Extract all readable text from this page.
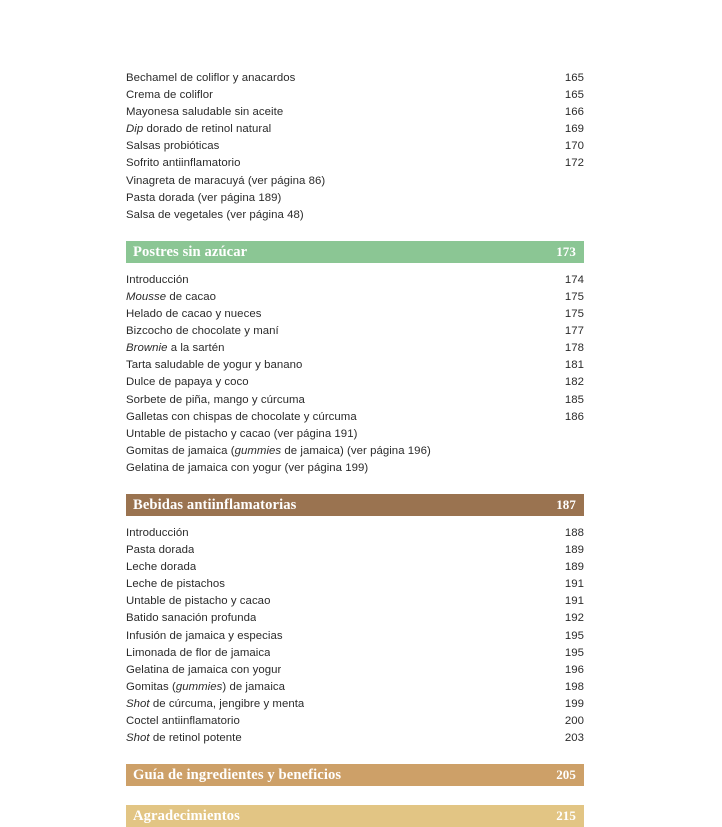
Bechamel de coliflor y anacardos	165
Crema de coliflor	165
Mayonesa saludable sin aceite	166
Dip dorado de retinol natural	169
Salsas probióticas	170
Sofrito antiinflamatorio	172
Vinagreta de maracuyá (ver página 86)
Pasta dorada (ver página 189)
Salsa de vegetales (ver página 48)
Postres sin azúcar	173
Introducción	174
Mousse de cacao	175
Helado de cacao y nueces	175
Bizcocho de chocolate y maní	177
Brownie a la sartén	178
Tarta saludable de yogur y banano	181
Dulce de papaya y coco	182
Sorbete de piña, mango y cúrcuma	185
Galletas con chispas de chocolate y cúrcuma	186
Untable de pistacho y cacao (ver página 191)
Gomitas de jamaica (gummies de jamaica) (ver página 196)
Gelatina de jamaica con yogur (ver página 199)
Bebidas antiinflamatorias	187
Introducción	188
Pasta dorada	189
Leche dorada	189
Leche de pistachos	191
Untable de pistacho y cacao	191
Batido sanación profunda	192
Infusión de jamaica y especias	195
Limonada de flor de jamaica	195
Gelatina de jamaica con yogur	196
Gomitas (gummies) de jamaica	198
Shot de cúrcuma, jengibre y menta	199
Coctel antiinflamatorio	200
Shot de retinol potente	203
Guía de ingredientes y beneficios	205
Agradecimientos	215
